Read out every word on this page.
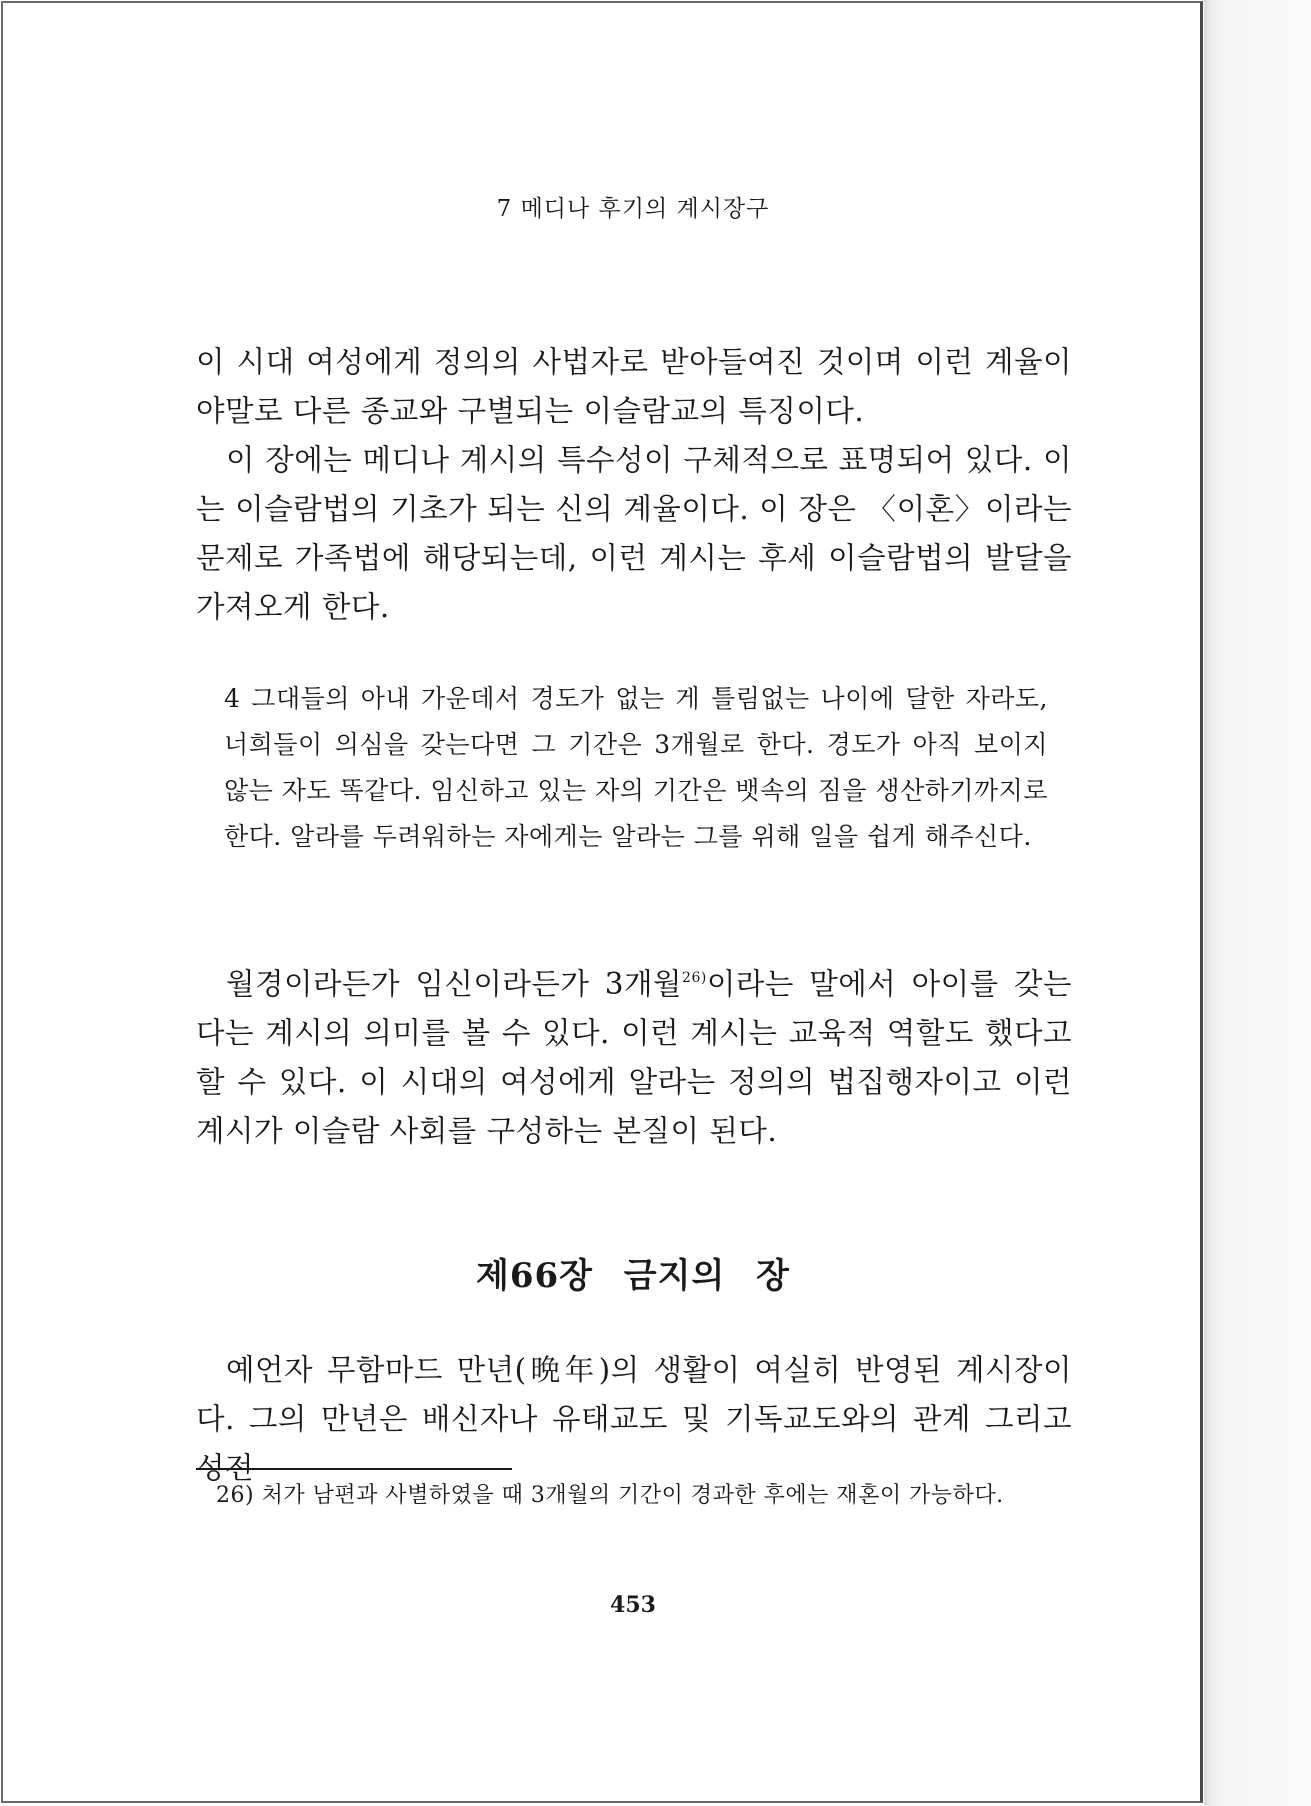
7 메디나 후기의 계시장구

이 시대 여성에게 정의의 사법자로 받아들여진 것이며 이런 계율이야말로 다른 종교와 구별되는 이슬람교의 특징이다.

이 장에는 메디나 계시의 특수성이 구체적으로 표명되어 있다. 이는 이슬람법의 기초가 되는 신의 계율이다. 이 장은 〈이혼〉이라는 문제로 가족법에 해당되는데, 이런 계시는 후세 이슬람법의 발달을 가져오게 한다.

4 그대들의 아내 가운데서 경도가 없는 게 틀림없는 나이에 달한 자라도, 너희들이 의심을 갖는다면 그 기간은 3개월로 한다. 경도가 아직 보이지 않는 자도 똑같다. 임신하고 있는 자의 기간은 뱃속의 짐을 생산하기까지로 한다. 알라를 두려워하는 자에게는 알라는 그를 위해 일을 쉽게 해주신다.

월경이라든가 임신이라든가 3개월$^{26)}$이라는 말에서 아이를 갖는다는 계시의 의미를 볼 수 있다. 이런 계시는 교육적 역할도 했다고 할 수 있다. 이 시대의 여성에게 알라는 정의의 법집행자이고 이런 계시가 이슬람 사회를 구성하는 본질이 된다.

제66장 금지의 장

예언자 무함마드 만년(晩年)의 생활이 여실히 반영된 계시장이다. 그의 만년은 배신자나 유태교도 및 기독교도와의 관계 그리고 성전

26) 처가 남편과 사별하였을 때 3개월의 기간이 경과한 후에는 재혼이 가능하다.
453
